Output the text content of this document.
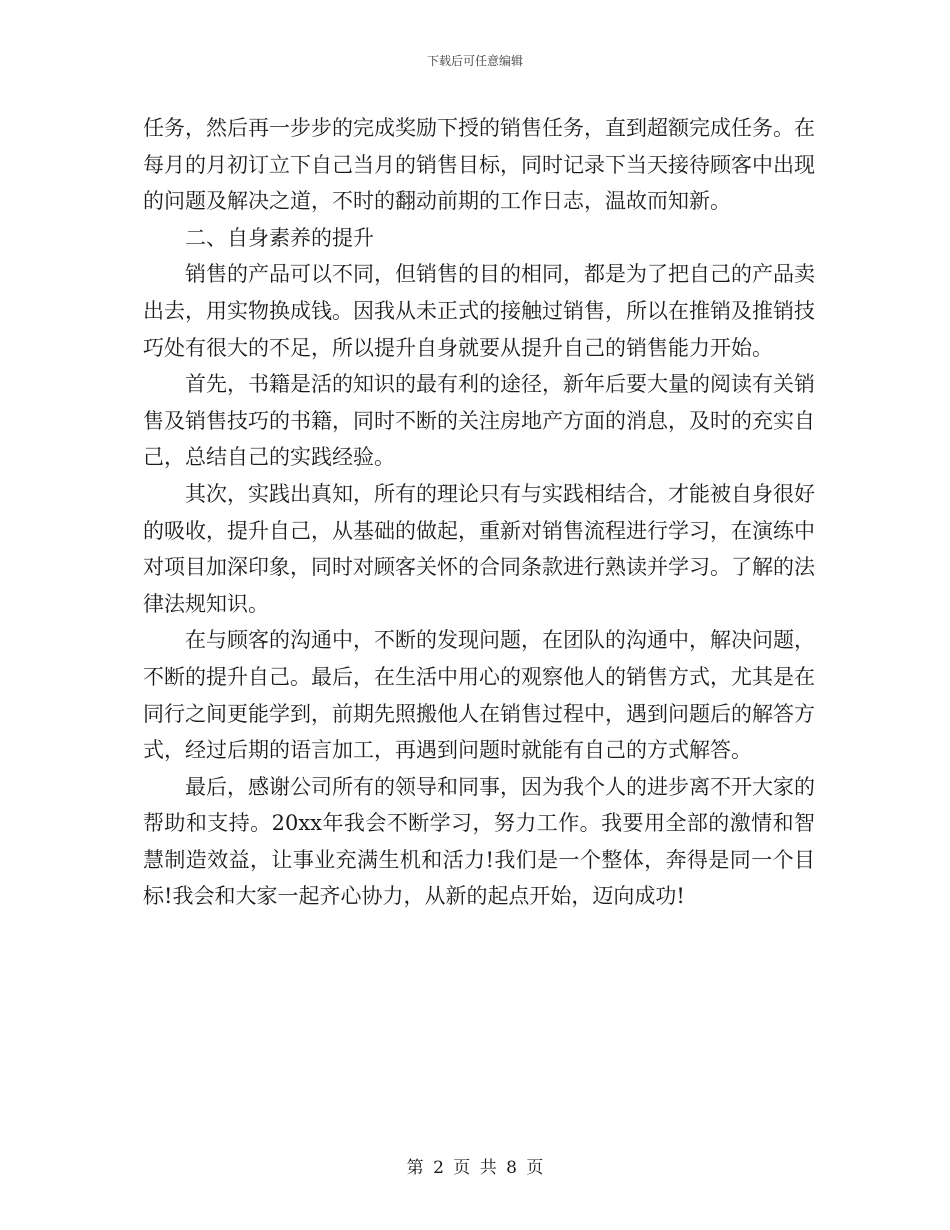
下载后可任意编辑

任务，然后再一步步的完成奖励下授的销售任务，直到超额完成任务。在每月的月初订立下自己当月的销售目标，同时记录下当天接待顾客中出现的问题及解决之道，不时的翻动前期的工作日志，温故而知新。

二、自身素养的提升

销售的产品可以不同，但销售的目的相同，都是为了把自己的产品卖出去，用实物换成钱。因我从未正式的接触过销售，所以在推销及推销技巧处有很大的不足，所以提升自身就要从提升自己的销售能力开始。

首先，书籍是活的知识的最有利的途径，新年后要大量的阅读有关销售及销售技巧的书籍，同时不断的关注房地产方面的消息，及时的充实自己，总结自己的实践经验。

其次，实践出真知，所有的理论只有与实践相结合，才能被自身很好的吸收，提升自己，从基础的做起，重新对销售流程进行学习，在演练中对项目加深印象，同时对顾客关怀的合同条款进行熟读并学习。了解的法律法规知识。

在与顾客的沟通中，不断的发现问题，在团队的沟通中，解决问题，不断的提升自己。最后，在生活中用心的观察他人的销售方式，尤其是在同行之间更能学到，前期先照搬他人在销售过程中，遇到问题后的解答方式，经过后期的语言加工，再遇到问题时就能有自己的方式解答。

最后，感谢公司所有的领导和同事，因为我个人的进步离不开大家的帮助和支持。20xx年我会不断学习，努力工作。我要用全部的激情和智慧制造效益，让事业充满生机和活力!我们是一个整体，奔得是同一个目标!我会和大家一起齐心协力，从新的起点开始，迈向成功!

第 2 页 共 8 页
